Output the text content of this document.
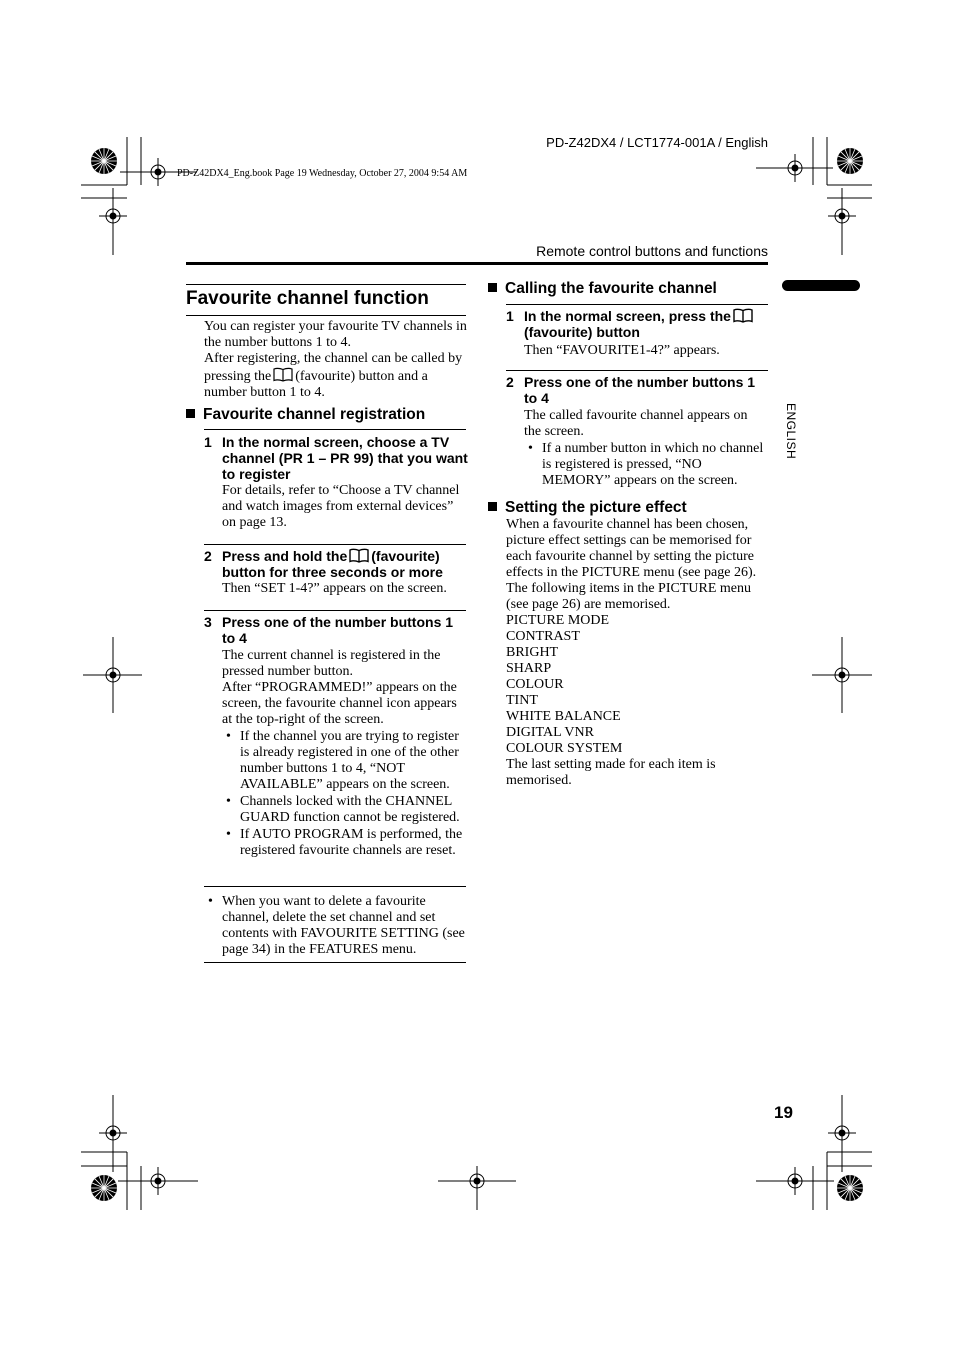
PD-Z42DX4 / LCT1774-001A / English
PD-Z42DX4_Eng.book Page 19 Wednesday, October 27, 2004 9:54 AM
Remote control buttons and functions
ENGLISH
Favourite channel function
You can register your favourite TV channels in the number buttons 1 to 4.
After registering, the channel can be called by pressing the (favourite) button and a number button 1 to 4.
Favourite channel registration
1 In the normal screen, choose a TV channel (PR 1 – PR 99) that you want to register
For details, refer to “Choose a TV channel and watch images from external devices” on page 13.
2 Press and hold the (favourite) button for three seconds or more
Then “SET 1-4?” appears on the screen.
3 Press one of the number buttons 1 to 4
The current channel is registered in the pressed number button.
After “PROGRAMMED!” appears on the screen, the favourite channel icon appears at the top-right of the screen.
• If the channel you are trying to register is already registered in one of the other number buttons 1 to 4, “NOT AVAILABLE” appears on the screen.
• Channels locked with the CHANNEL GUARD function cannot be registered.
• If AUTO PROGRAM is performed, the registered favourite channels are reset.
• When you want to delete a favourite channel, delete the set channel and set contents with FAVOURITE SETTING (see page 34) in the FEATURES menu.
Calling the favourite channel
1 In the normal screen, press the(favourite) button
Then “FAVOURITE1-4?” appears.
2 Press one of the number buttons 1 to 4
The called favourite channel appears on the screen.
• If a number button in which no channel is registered is pressed, “NO MEMORY” appears on the screen.
Setting the picture effect
When a favourite channel has been chosen, picture effect settings can be memorised for each favourite channel by setting the picture effects in the PICTURE menu (see page 26).
The following items in the PICTURE menu (see page 26) are memorised.
PICTURE MODE
CONTRAST
BRIGHT
SHARP
COLOUR
TINT
WHITE BALANCE
DIGITAL VNR
COLOUR SYSTEM
The last setting made for each item is memorised.
19
